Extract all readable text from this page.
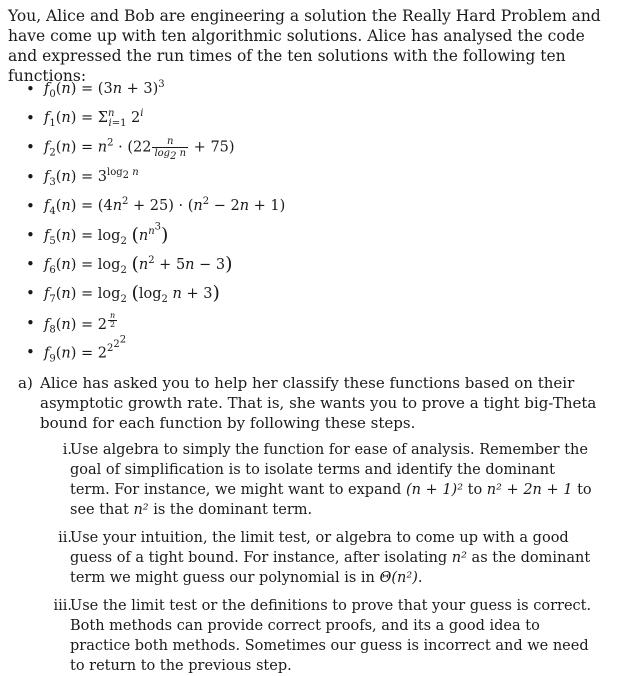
You, Alice and Bob are engineering a solution the Really Hard Problem and have come up with ten algorithmic solutions. Alice has analysed the code and expressed the run times of the ten solutions with the following ten functions:

• $f_0(n) = (3n + 3)^3$
• $f_1(n) = \Sigma^n_{i=1}$ 2$^i$
• $f_2(n) = n^2 \cdot (22 \frac{n}{\log_2 n} + 75)$
• $f_3(n) = 3^{log_2 n}$
• $f_4(n) = (4n^2 + 25) \cdot (n^2 - 2n + 1)$
• $f_5(n) = \log_2 (n^{n^3})$
• $f_6(n) = \log_2 (n^2 + 5n - 3)$
• $f_7(n) = \log_2 (\log_2$ n + 3)
• $f_8(n) = 2$ $^{\frac{n}{2}}$
• $f_9(n) = 2^{2^{2^2}}$
a) Alice has asked you to help her classify these functions based on their asymptotic growth rate. That is, she wants you to prove a tight big-Theta bound for each function by following these steps.
i.
Use algebra to simply the function for ease of analysis. Remember the goal of simplification is to isolate terms and identify the dominant term. For instance, we might want to expand (n + 1)² to n² + 2n + 1 to see that n² is the dominant term.
ii.
Use your intuition, the limit test, or algebra to come up with a good guess of a tight bound. For instance, after isolating n² as the dominant term we might guess our polynomial is in Θ(n²).
iii.
Use the limit test or the definitions to prove that your guess is correct. Both methods can provide correct proofs, and its a good idea to practice both methods. Sometimes our guess is incorrect and we need to return to the previous step.
